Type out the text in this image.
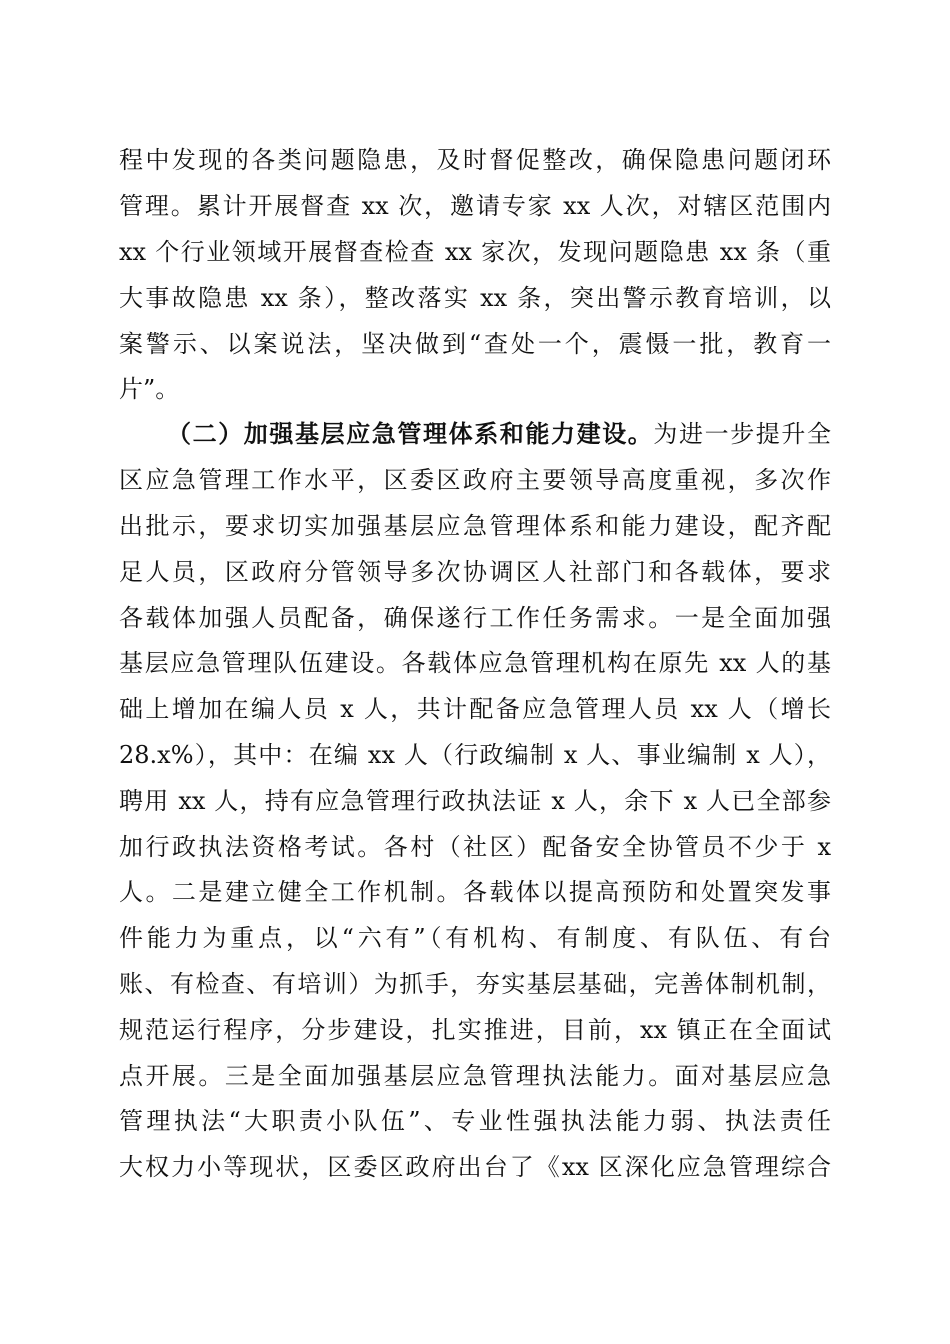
程中发现的各类问题隐患，及时督促整改，确保隐患问题闭环
管理。累计开展督查 xx 次，邀请专家 xx 人次，对辖区范围内
xx 个行业领域开展督查检查 xx 家次，发现问题隐患 xx 条（重
大事故隐患 xx 条），整改落实 xx 条，突出警示教育培训，以
案警示、以案说法，坚决做到“查处一个，震慑一批，教育一
片”。
（二）加强基层应急管理体系和能力建设。为进一步提升全
区应急管理工作水平，区委区政府主要领导高度重视，多次作
出批示，要求切实加强基层应急管理体系和能力建设，配齐配
足人员，区政府分管领导多次协调区人社部门和各载体，要求
各载体加强人员配备，确保遂行工作任务需求。一是全面加强
基层应急管理队伍建设。各载体应急管理机构在原先 xx 人的基
础上增加在编人员 x 人，共计配备应急管理人员 xx 人（增长
28.x%），其中：在编 xx 人（行政编制 x 人、事业编制 x 人），
聘用 xx 人，持有应急管理行政执法证 x 人，余下 x 人已全部参
加行政执法资格考试。各村（社区）配备安全协管员不少于 x
人。二是建立健全工作机制。各载体以提高预防和处置突发事
件能力为重点，以“六有”（有机构、有制度、有队伍、有台
账、有检查、有培训）为抓手，夯实基层基础，完善体制机制，
规范运行程序，分步建设，扎实推进，目前，xx 镇正在全面试
点开展。三是全面加强基层应急管理执法能力。面对基层应急
管理执法“大职责小队伍”、专业性强执法能力弱、执法责任
大权力小等现状，区委区政府出台了《xx 区深化应急管理综合
